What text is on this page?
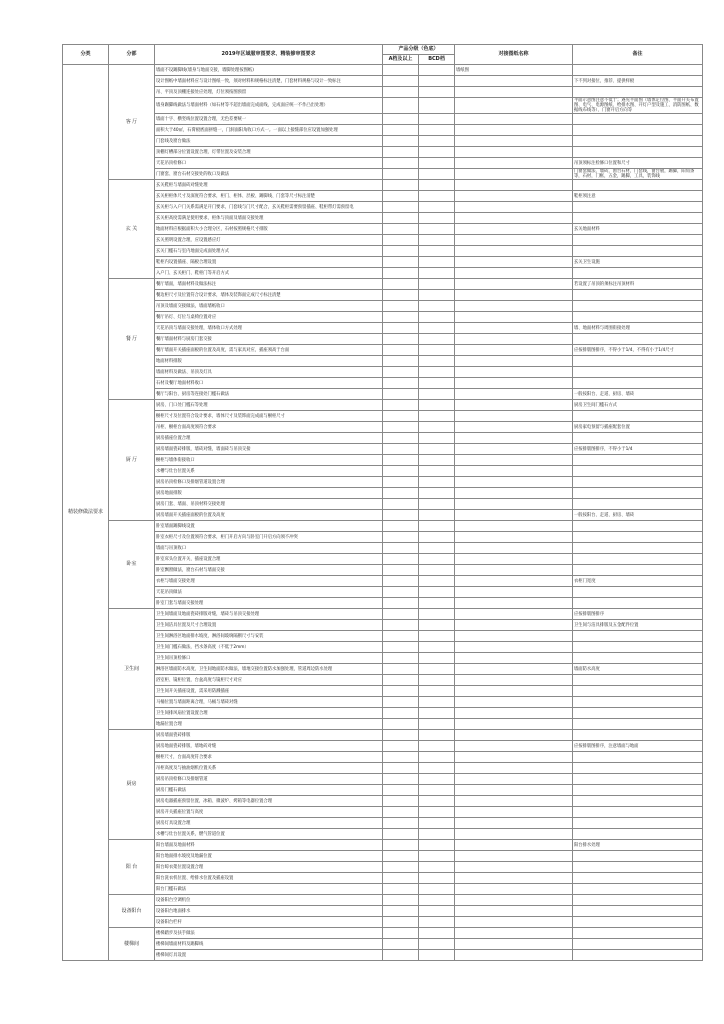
分类	分部	2019年区域服审图要求、精装修审图要求	产品分级（色底）		对接图纸名称	备注
			A档及以上	BCD档		
精装修做法要求	客 厅	墙面不设踢脚线(墙身与地面交接，墙脚处理按图纸)			墙纸图	
		设计图纸中墙面材料应与设计图纸一致，须对材料和规格标注清楚，门套材料规格与设计一致标注				下不到对接位，推荐、提供样板
		吊、平顶及顶棚连接处应处理，灯位须按图预留				
		墙身踢脚线做法与墙面材料（如石材等不超出墙面完成面线，完成面应统一不作凸出处理）				平面示意图注意不低于；遇见平面图（墙体定位图、平面开关布置图、电气、电源图纸、给排水图、开灯户型及施工、消防图纸、数据线布线等）、门窗开启方向等
		墙面十字、横竖线位置设置合理，无色差要统一				
		面积大于40㎡，石膏板底面拼缝一，门洞面阳角收口方式一。一面以上接缝部位应设置加强处理				
		门套线及窗台做法				
		顶棚灯槽部分位置设置合理，灯带位置及安装合理				
		天花吊顶检修口				吊顶须标注检修口位置和尺寸
		门窗套、窗台石材交接处的收口及做法				门窗套做法，墙砖，窗台石材，门套线，窗台板，踢脚，阳角条等，石材，门框，五金，踢脚，工具，装饰线
	玄 关	玄关鞋柜与墙面砖对缝处理				
		玄关柜柜体尺寸及深度符合要求，柜门、柜体、层板、踢脚线、门套等尺寸标注清楚				鞋柜须注意
		玄关柜与入户门关系需满足开门要求，门套线与门尺寸配合，玄关鞋柜需要预留插座、鞋柜带灯需预留电				
		玄关柜高度需满足使用要求，柜体与顶面及墙面交接处理				
		地面材料应根据面积大小合理分区，石材按照规格尺寸排版				玄关地面材料
		玄关照明设置合理，应设置感应灯				
		玄关门槛石与室内地面完成面处理方式				
		鞋柜内设置插座、隔板合理设置				玄关卫生设施
		入户门、玄关柜门、鞋柜门等开启方式				
	餐 厅	餐厅墙面，墙面材料及做法标注				若设置了吊顶的须标注吊顶材料
		餐边柜尺寸及位置符合设计要求，墙体及装饰面完成尺寸标注清楚				
		吊顶及墙面交接做法，墙面墙纸收口				
		餐厅吊灯、灯位与桌椅位置对应				
		天花吊顶与墙面交接处理，墙体收口方式处理				墙、地面材料与周围衔接处理
		餐厅墙面材料与厨房门套交接				
		餐厅墙面开关插座面板的位置及高度，需与家具对应，插座须高于台面				应按排版图排序，不得小于1/4，不得有小于1/4尺寸
		地面材料排版				
		墙面材料及做法、吊顶及灯具				
		石材及餐厅地面材料收口				
		餐厅与阳台、厨房等连接处门槛石做法				一般按阳台、走道、厨房、墙砖
	厨 厅	厨房、门口处门槛石等处理				厨房卫生间门槛石方式
		橱柜尺寸及位置符合设计要求，墙体尺寸及装饰面完成面与橱柜尺寸				
		吊柜、橱柜台面高度须符合要求				厨房家电预留与插座配套位置
		厨房插座位置合理				
		厨房墙面瓷砖排版，墙砖对缝，墙面砖与吊顶交接				应按排版图排序，不得小于1/4
		橱柜与墙体衔接收口				
		水槽与灶台位置关系				
		厨房吊顶检修口及排烟管道设置合理				
		厨房地面排版				
		厨房门套、墙面、吊顶材料交接处理				
		厨房墙面开关插座面板的位置及高度				一般按阳台、走道、厨房、墙砖
	卧室	卧室墙面踢脚线设置				
		卧室衣柜尺寸及位置须符合要求，柜门开启方向与卧室门开启方向须不冲突				
		墙面与吊顶收口				
		卧室床头位置开关、插座设置合理				
		卧室飘窗做法，窗台石材与墙面交接				
		衣柜与墙面交接处理				衣柜门宽度
		天花吊顶做法				
		卧室门套与墙面交接处理				
	卫生间	卫生间墙面及地面瓷砖排版对缝，墙砖与吊顶交接处理				应按排版图排序
		卫生间洁具位置及尺寸合理设置				卫生间与洁具排版及五金配件位置
		卫生间淋浴区地面排水坡度，淋浴间玻璃隔断尺寸与安装				
		卫生间门槛石做法，挡水条高度（不低于2mm）				
		卫生间吊顶检修口				
		淋浴区墙面防水高度、卫生间地面防水做法，墙地交接位置防水加强处理，管道周边防水处理				墙面防水高度
		浴室柜、镜柜位置，台盆高度与镜柜尺寸对应				
		卫生间开关插座设置，需采用防溅插座				
		马桶位置与墙面距离合理，马桶与墙砖对缝				
		卫生间排风扇位置设置合理				
		地漏位置合理				
	厨房	厨房墙面瓷砖排版				
		厨房地面瓷砖排版，墙地砖对缝				应按排版图排序，注意墙面与地面
		橱柜尺寸，台面高度符合要求				
		吊柜高度及与抽油烟机位置关系				
		厨房吊顶检修口及排烟管道				
		厨房门槛石做法				
		厨房电器插座预留位置，冰箱、微波炉、烤箱等电器位置合理				
		厨房开关插座位置与高度				
		厨房灯具设置合理				
		水槽与灶台位置关系，燃气管道位置				
	阳 台	阳台墙面及地面材料				阳台排水处理
		阳台地面排水坡度及地漏位置				
		阳台晾衣架位置设置合理				
		阳台洗衣机位置、给排水位置及插座设置				
		阳台门槛石做法				
	设备阳台	设备阳台空调机位				
		设备阳台地面排水				
		设备阳台栏杆				
	楼梯间	楼梯踏步及扶手做法				
		楼梯间墙面材料及踢脚线				
		楼梯间灯具设置				
